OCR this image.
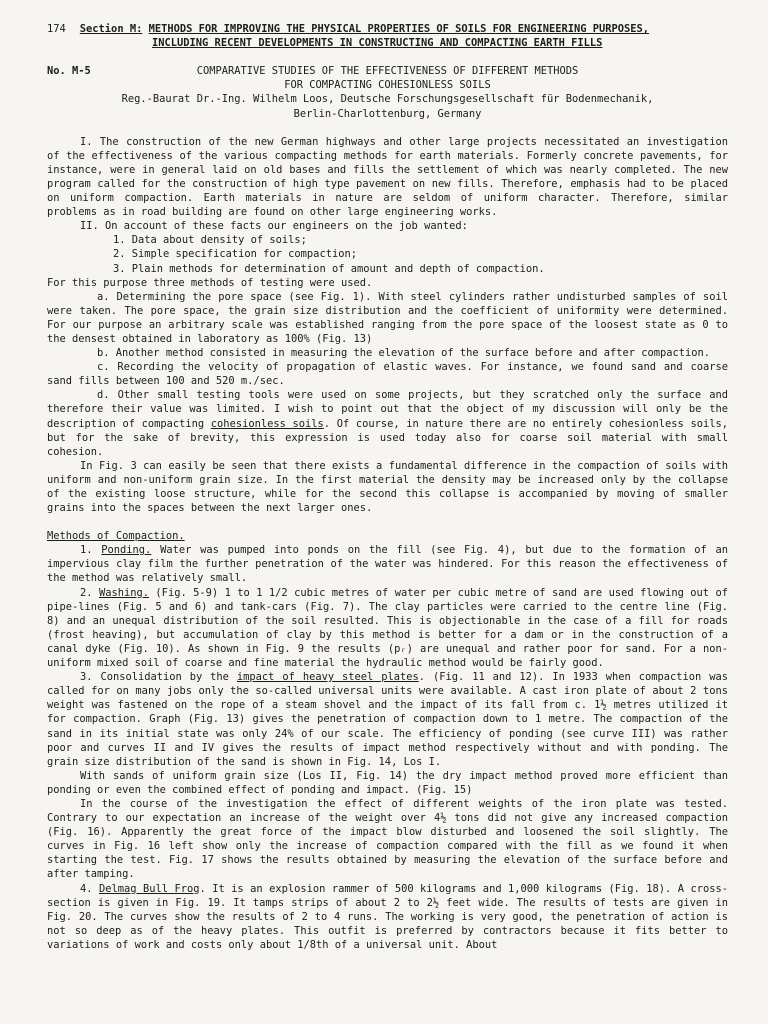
174 Section M: METHODS FOR IMPROVING THE PHYSICAL PROPERTIES OF SOILS FOR ENGINEERING PURPOSES,
INCLUDING RECENT DEVELOPMENTS IN CONSTRUCTING AND COMPACTING EARTH FILLS
No. M-5	COMPARATIVE STUDIES OF THE EFFECTIVENESS OF DIFFERENT METHODS
FOR COMPACTING COHESIONLESS SOILS
Reg.-Baurat Dr.-Ing. Wilhelm Loos, Deutsche Forschungsgesellschaft für Bodenmechanik,
Berlin-Charlottenburg, Germany

I. The construction of the new German highways and other large projects necessitated an investigation of the effectiveness of the various compacting methods for earth materials. Formerly concrete pavements, for instance, were in general laid on old bases and fills the settlement of which was nearly completed. The new program called for the construction of high type pavement on new fills. Therefore, emphasis had to be placed on uniform compaction. Earth materials in nature are seldom of uniform character. Therefore, similar problems as in road building are found on other large engineering works.

II. On account of these facts our engineers on the job wanted:

1. Data about density of soils;
2. Simple specification for compaction;
3. Plain methods for determination of amount and depth of compaction.

For this purpose three methods of testing were used.

a. Determining the pore space (see Fig. 1). With steel cylinders rather undisturbed samples of soil were taken. The pore space, the grain size distribution and the coefficient of uniformity were determined. For our purpose an arbitrary scale was established ranging from the pore space of the loosest state as 0 to the densest obtained in laboratory as 100% (Fig. 13)

b. Another method consisted in measuring the elevation of the surface before and after compaction.

c. Recording the velocity of propagation of elastic waves. For instance, we found sand and coarse sand fills between 100 and 520 m./sec.

d. Other small testing tools were used on some projects, but they scratched only the surface and therefore their value was limited. I wish to point out that the object of my discussion will only be the description of compacting cohesionless soils. Of course, in nature there are no entirely cohesionless soils, but for the sake of brevity, this expression is used today also for coarse soil material with small cohesion.

In Fig. 3 can easily be seen that there exists a fundamental difference in the compaction of soils with uniform and non-uniform grain size. In the first material the density may be increased only by the collapse of the existing loose structure, while for the second this collapse is accompanied by moving of smaller grains into the spaces between the next larger ones.

Methods of Compaction.

1. Ponding. Water was pumped into ponds on the fill (see Fig. 4), but due to the formation of an impervious clay film the further penetration of the water was hindered. For this reason the effectiveness of the method was relatively small.

2. Washing. (Fig. 5-9) 1 to 1 1/2 cubic metres of water per cubic metre of sand are used flowing out of pipe-lines (Fig. 5 and 6) and tank-cars (Fig. 7). The clay particles were carried to the centre line (Fig. 8) and an unequal distribution of the soil resulted. This is objectionable in the case of a fill for roads (frost heaving), but accumulation of clay by this method is better for a dam or in the construction of a canal dyke (Fig. 10). As shown in Fig. 9 the results (pᵣ) are unequal and rather poor for sand. For a non-uniform mixed soil of coarse and fine material the hydraulic method would be fairly good.

3. Consolidation by the impact of heavy steel plates. (Fig. 11 and 12). In 1933 when compaction was called for on many jobs only the so-called universal units were available. A cast iron plate of about 2 tons weight was fastened on the rope of a steam shovel and the impact of its fall from c. 1½ metres utilized it for compaction. Graph (Fig. 13) gives the penetration of compaction down to 1 metre. The compaction of the sand in its initial state was only 24% of our scale. The efficiency of ponding (see curve III) was rather poor and curves II and IV gives the results of impact method respectively without and with ponding. The grain size distribution of the sand is shown in Fig. 14, Los I.

With sands of uniform grain size (Los II, Fig. 14) the dry impact method proved more efficient than ponding or even the combined effect of ponding and impact. (Fig. 15)

In the course of the investigation the effect of different weights of the iron plate was tested. Contrary to our expectation an increase of the weight over 4½ tons did not give any increased compaction (Fig. 16). Apparently the great force of the impact blow disturbed and loosened the soil slightly. The curves in Fig. 16 left show only the increase of compaction compared with the fill as we found it when starting the test. Fig. 17 shows the results obtained by measuring the elevation of the surface before and after tamping.

4. Delmag Bull Frog. It is an explosion rammer of 500 kilograms and 1,000 kilograms (Fig. 18). A cross-section is given in Fig. 19. It tamps strips of about 2 to 2½ feet wide. The results of tests are given in Fig. 20. The curves show the results of 2 to 4 runs. The working is very good, the penetration of action is not so deep as of the heavy plates. This outfit is preferred by contractors because it fits better to variations of work and costs only about 1/8th of a universal unit. About
